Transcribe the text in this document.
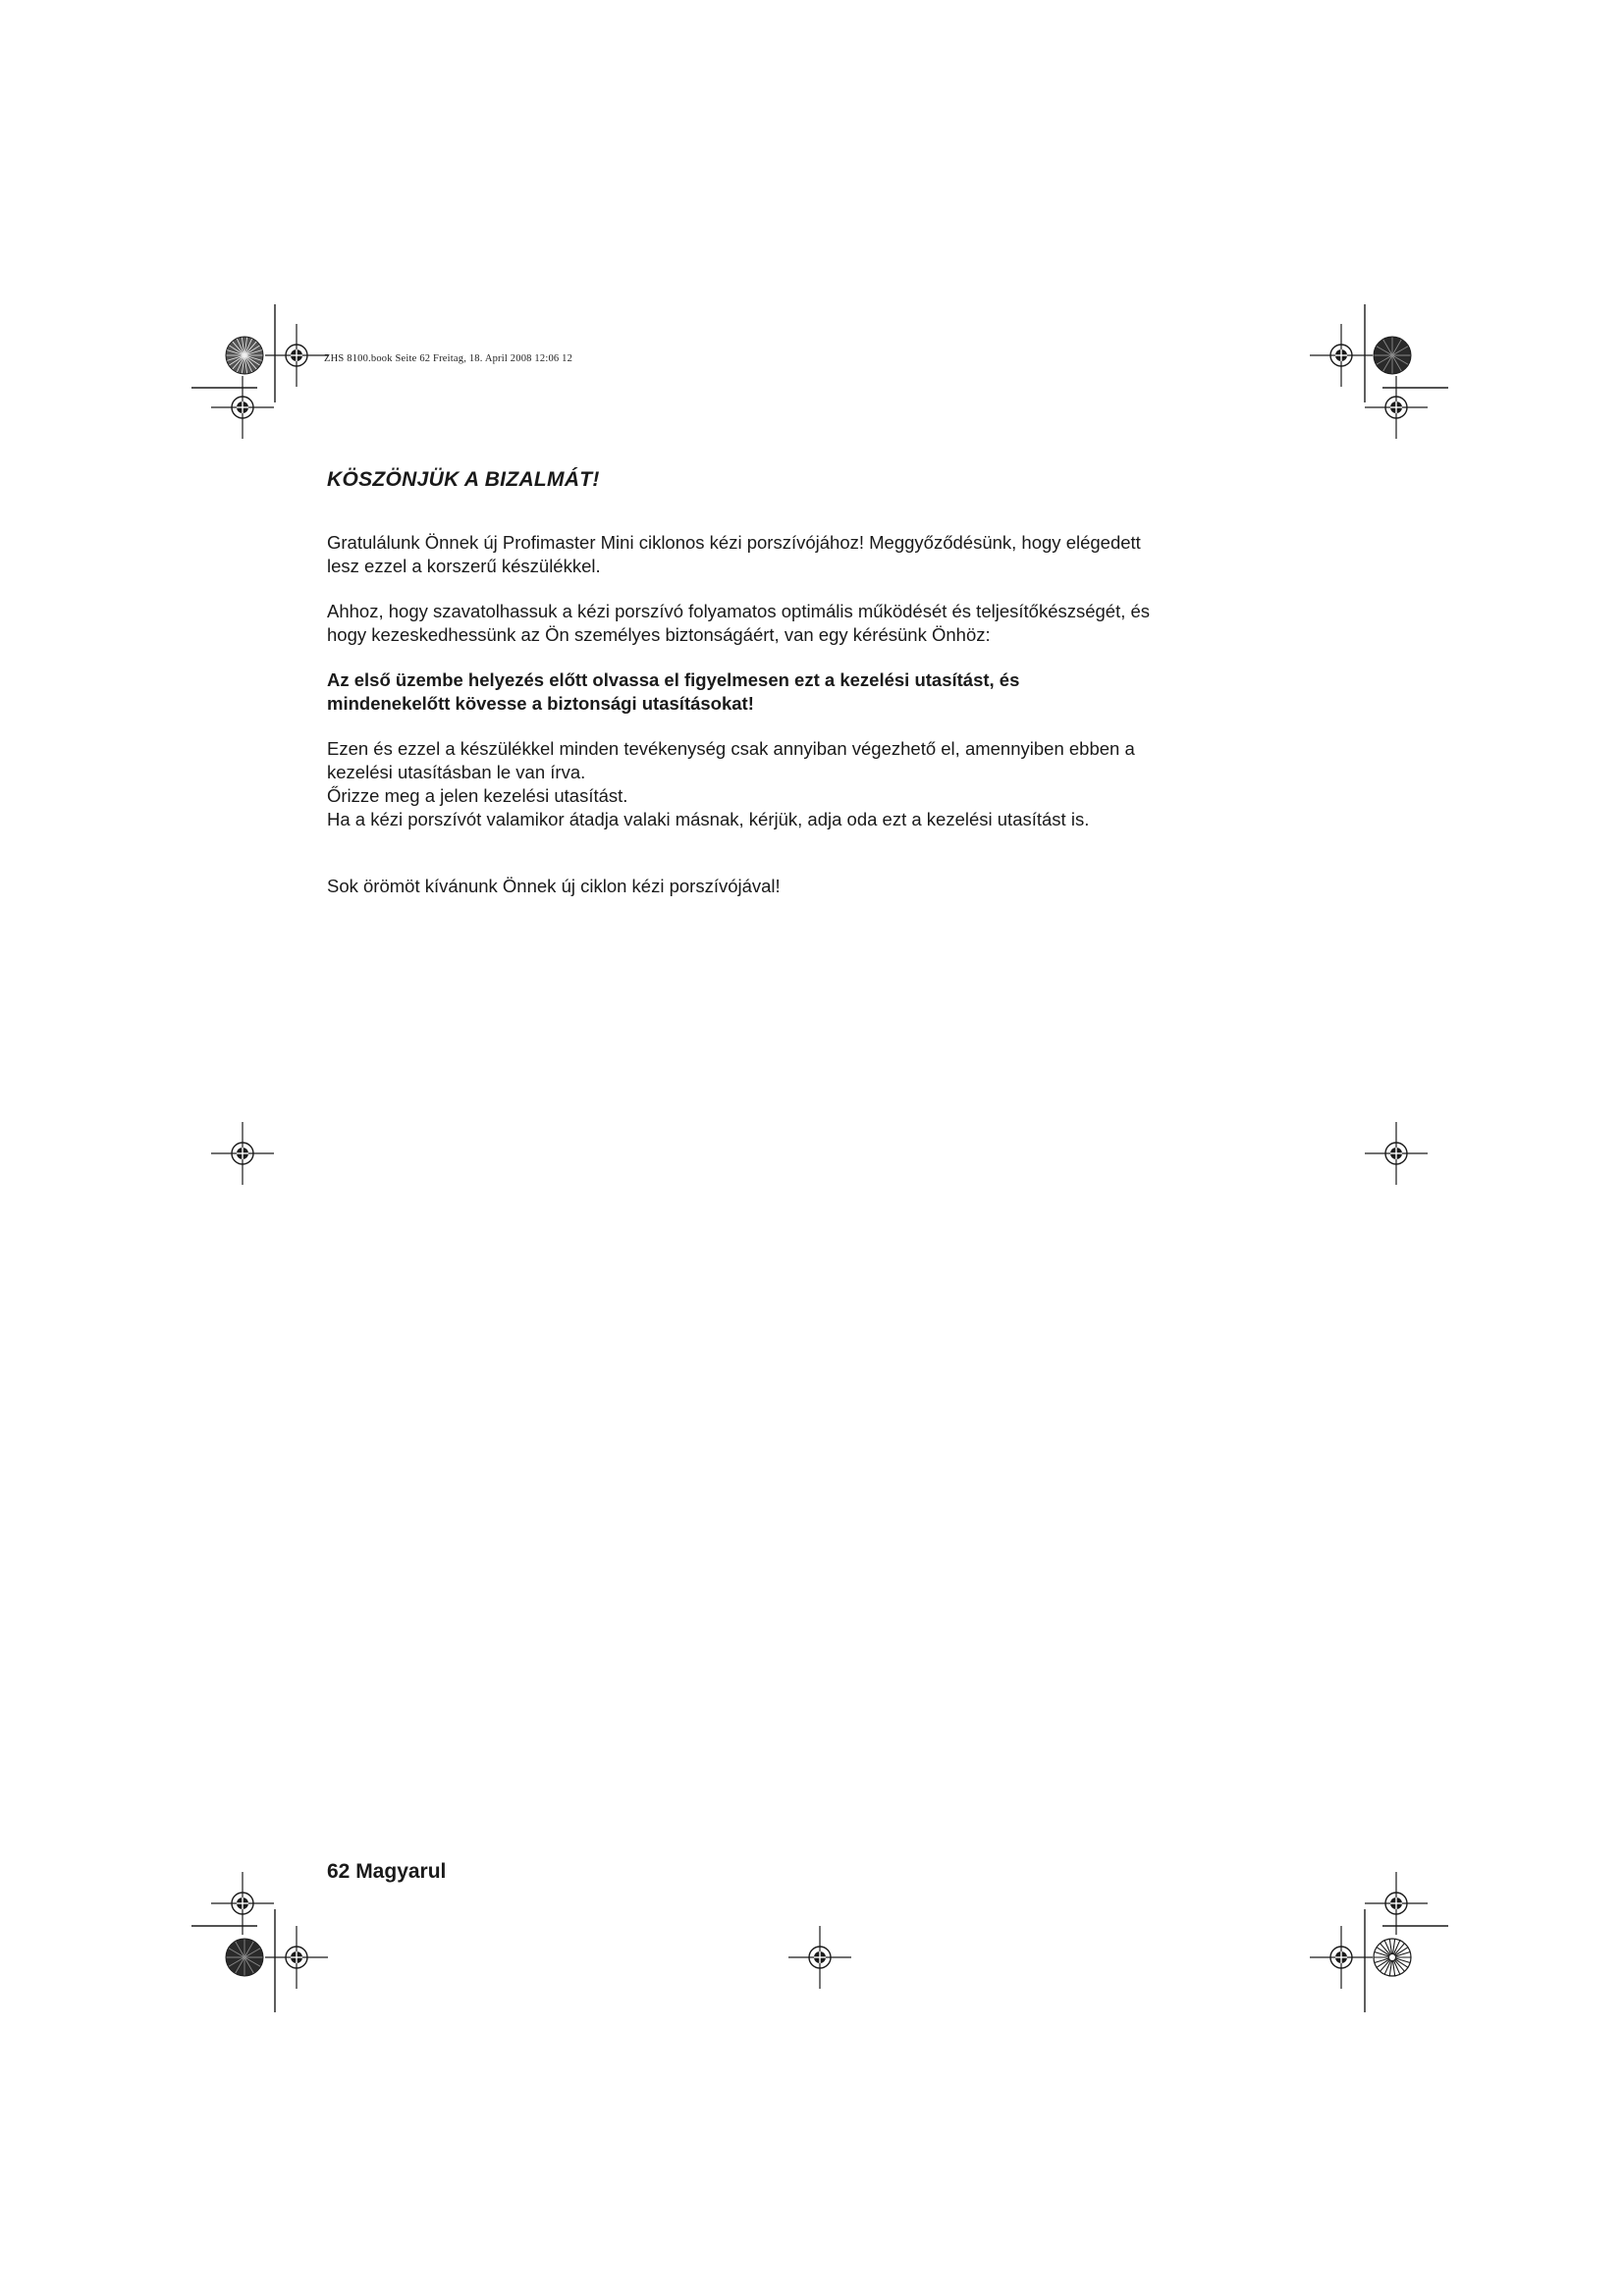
ZHS 8100.book Seite 62 Freitag, 18. April 2008 12:06 12
KÖSZÖNJÜK A BIZALMÁT!

Gratulálunk Önnek új Profimaster Mini ciklonos kézi porszívójához! Meggyőződésünk, hogy elégedett
lesz ezzel a korszerű készülékkel.

Ahhoz, hogy szavatolhassuk a kézi porszívó folyamatos optimális működését és teljesítőkészségét, és
hogy kezeskedhessünk az Ön személyes biztonságáért, van egy kérésünk Önhöz:

Az első üzembe helyezés előtt olvassa el figyelmesen ezt a kezelési utasítást, és
mindenekelőtt kövesse a biztonsági utasításokat!

Ezen és ezzel a készülékkel minden tevékenység csak annyiban végezhető el, amennyiben ebben a
kezelési utasításban le van írva.
Őrizze meg a jelen kezelési utasítást.
Ha a kézi porszívót valamikor átadja valaki másnak, kérjük, adja oda ezt a kezelési utasítást is.

Sok örömöt kívánunk Önnek új ciklon kézi porszívójával!

62 Magyarul
